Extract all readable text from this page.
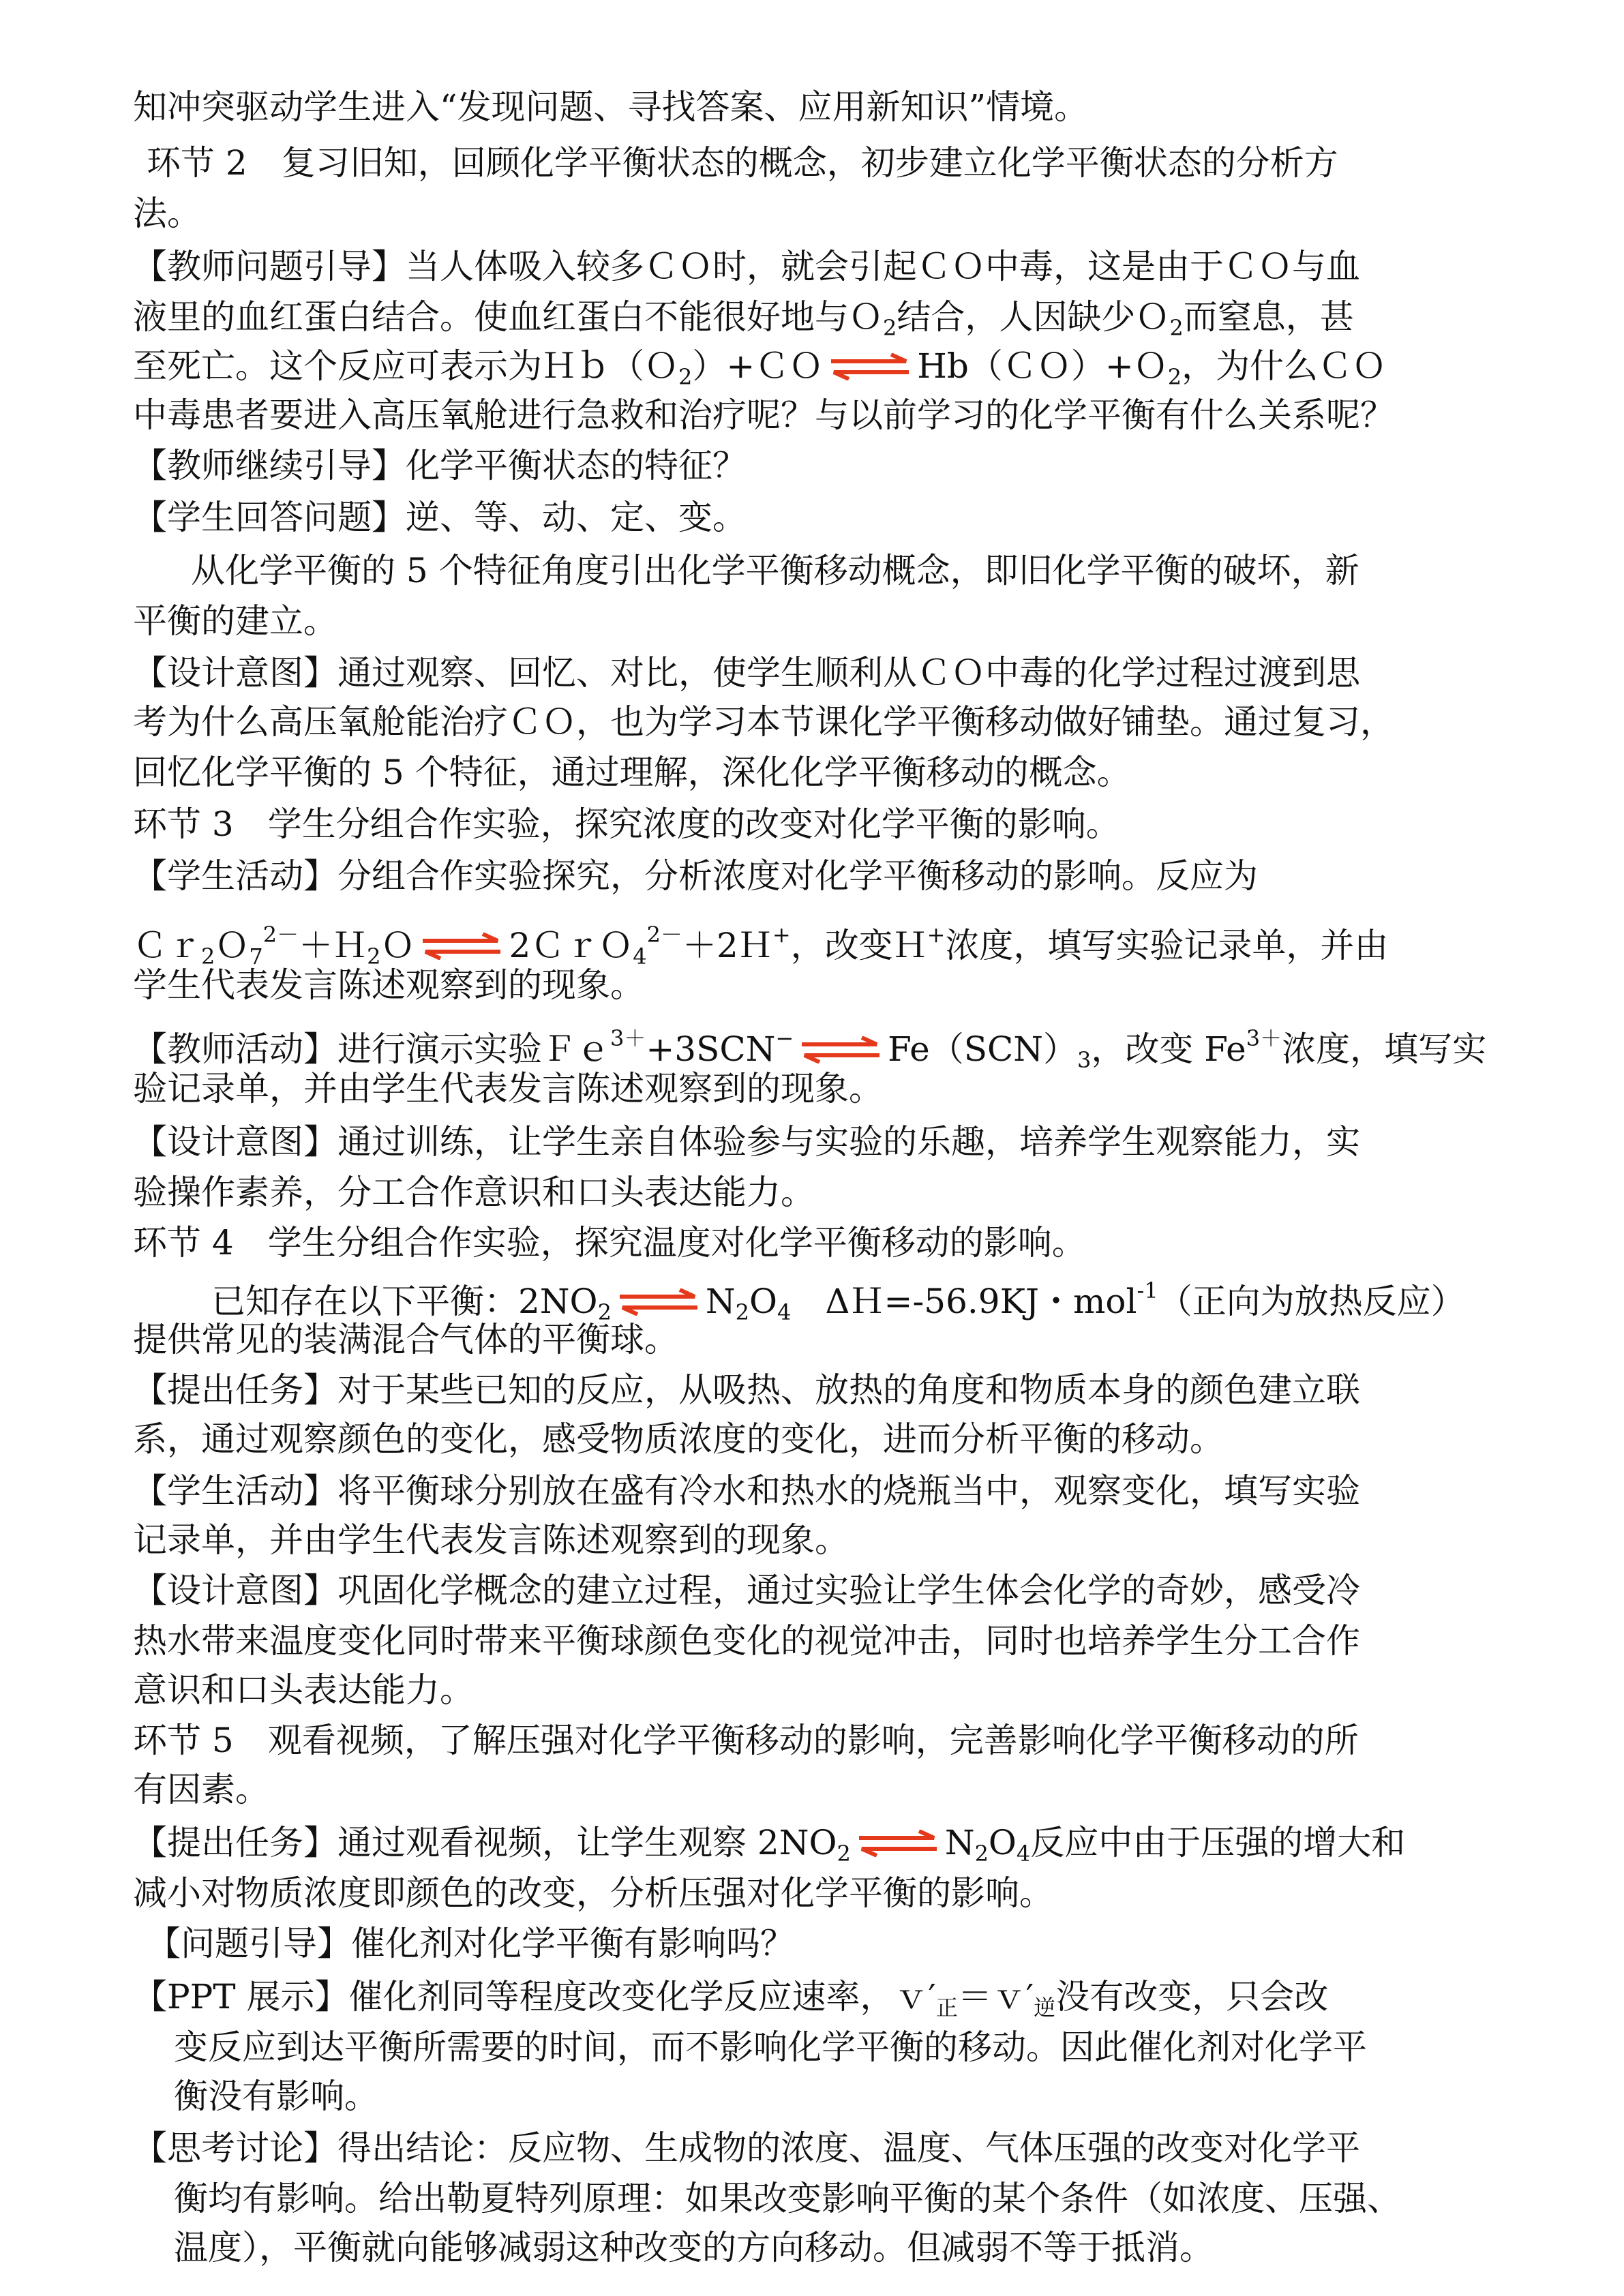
知冲突驱动学生进入“发现问题、寻找答案、应用新知识”情境。
环节 2　复习旧知，回顾化学平衡状态的概念，初步建立化学平衡状态的分析方
法。
【教师问题引导】当人体吸入较多ＣＯ时，就会引起ＣＯ中毒，这是由于ＣＯ与血
液里的血红蛋白结合。使血红蛋白不能很好地与Ｏ$_2$结合，人因缺少Ｏ$_2$而窒息，甚
至死亡。这个反应可表示为Ｈｂ（Ｏ$_2$）+ＣＯ ⇌ Hb（ＣＯ）+Ｏ$_2$，为什么ＣＯ
中毒患者要进入高压氧舱进行急救和治疗呢？与以前学习的化学平衡有什么关系呢？
【教师继续引导】化学平衡状态的特征？
【学生回答问题】逆、等、动、定、变。
从化学平衡的 5 个特征角度引出化学平衡移动概念，即旧化学平衡的破坏，新
平衡的建立。
【设计意图】通过观察、回忆、对比，使学生顺利从ＣＯ中毒的化学过程过渡到思
考为什么高压氧舱能治疗ＣＯ，也为学习本节课化学平衡移动做好铺垫。通过复习，
回忆化学平衡的 5 个特征，通过理解，深化化学平衡移动的概念。
环节 3　学生分组合作实验，探究浓度的改变对化学平衡的影响。
【学生活动】分组合作实验探究，分析浓度对化学平衡移动的影响。反应为
Ｃｒ$_2$Ｏ$_7^{2-}$＋Ｈ$_2$Ｏ ⇌ 2ＣｒＯ$_4^{2-}$＋2Ｈ+，改变Ｈ+浓度，填写实验记录单，并由
学生代表发言陈述观察到的现象。
【教师活动】进行演示实验Ｆｅ$^{3+}$+3SCN− ⇌ $Fe(SCN)_3$，改变 $Fe^{3+}$浓度，填写实
验记录单，并由学生代表发言陈述观察到的现象。
【设计意图】通过训练，让学生亲自体验参与实验的乐趣，培养学生观察能力，实
验操作素养，分工合作意识和口头表达能力。
环节 4　学生分组合作实验，探究温度对化学平衡移动的影响。
已知存在以下平衡：$2NO_2$ ⇌ $N_2O_4$　ΔＨ=-56.9KJ・mol$^{-1}$（正向为放热反应）
提供常见的装满混合气体的平衡球。
【提出任务】对于某些已知的反应，从吸热、放热的角度和物质本身的颜色建立联
系，通过观察颜色的变化，感受物质浓度的变化，进而分析平衡的移动。
【学生活动】将平衡球分别放在盛有冷水和热水的烧瓶当中，观察变化，填写实验
记录单，并由学生代表发言陈述观察到的现象。
【设计意图】巩固化学概念的建立过程，通过实验让学生体会化学的奇妙，感受冷
热水带来温度变化同时带来平衡球颜色变化的视觉冲击，同时也培养学生分工合作
意识和口头表达能力。
环节 5　观看视频，了解压强对化学平衡移动的影响，完善影响化学平衡移动的所
有因素。
【提出任务】通过观看视频，让学生观察 $2NO_2$ ⇌ $N_2O_4$反应中由于压强的增大和
减小对物质浓度即颜色的改变，分析压强对化学平衡的影响。
【问题引导】催化剂对化学平衡有影响吗？
【PPT 展示】催化剂同等程度改变化学反应速率，$v'_正=v'_逆$没有改变，只会改
变反应到达平衡所需要的时间，而不影响化学平衡的移动。因此催化剂对化学平
衡没有影响。
【思考讨论】得出结论：反应物、生成物的浓度、温度、气体压强的改变对化学平
衡均有影响。给出勒夏特列原理：如果改变影响平衡的某个条件（如浓度、压强、
温度），平衡就向能够减弱这种改变的方向移动。但减弱不等于抵消。
